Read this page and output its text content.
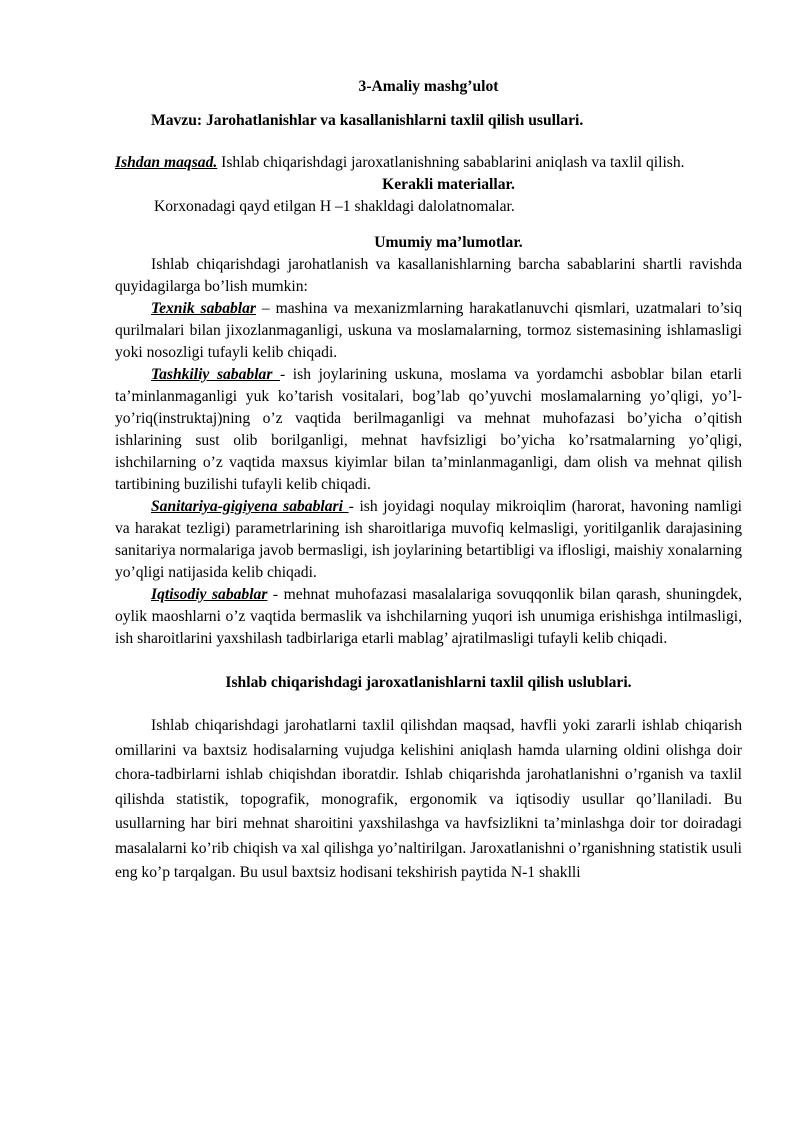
3-Amaliy mashg’ulot

Mavzu: Jarohatlanishlar va kasallanishlarni taxlil qilish usullari.

Ishdan maqsad. Ishlab chiqarishdagi jaroxatlanishning sabablarini aniqlash va taxlil qilish.

Kerakli materiallar.

Korxonadagi qayd etilgan H –1 shakldagi dalolatnomalar.

Umumiy ma’lumotlar.

Ishlab chiqarishdagi jarohatlanish va kasallanishlarning barcha sabablarini shartli ravishda quyidagilarga bo’lish mumkin:

Texnik sabablar – mashina va mexanizmlarning harakatlanuvchi qismlari, uzatmalari to’siq qurilmalari bilan jixozlanmaganligi, uskuna va moslamalarning, tormoz sistemasining ishlamasligi yoki nosozligi tufayli kelib chiqadi.

Tashkiliy sabablar - ish joylarining uskuna, moslama va yordamchi asboblar bilan etarli ta’minlanmaganligi yuk ko’tarish vositalari, bog’lab qo’yuvchi moslamalarning yo’qligi, yo’l-yo’riq(instruktaj)ning o’z vaqtida berilmaganligi va mehnat muhofazasi bo’yicha o’qitish ishlarining sust olib borilganligi, mehnat havfsizligi bo’yicha ko’rsatmalarning yo’qligi, ishchilarning o’z vaqtida maxsus kiyimlar bilan ta’minlanmaganligi, dam olish va mehnat qilish tartibining buzilishi tufayli kelib chiqadi.

Sanitariya-gigiyena sabablari - ish joyidagi noqulay mikroiqlim (harorat, havoning namligi va harakat tezligi) parametrlarining ish sharoitlariga muvofiq kelmasligi, yoritilganlik darajasining sanitariya normalariga javob bermasligi, ish joylarining betartibligi va iflosligi, maishiy xonalarning yo’qligi natijasida kelib chiqadi.

Iqtisodiy sabablar - mehnat muhofazasi masalalariga sovuqqonlik bilan qarash, shuningdek, oylik maoshlarni o’z vaqtida bermaslik va ishchilarning yuqori ish unumiga erishishga intilmasligi, ish sharoitlarini yaxshilash tadbirlariga etarli mablag’ ajratilmasligi tufayli kelib chiqadi.

Ishlab chiqarishdagi jaroxatlanishlarni taxlil qilish uslublari.

Ishlab chiqarishdagi jarohatlarni taxlil qilishdan maqsad, havfli yoki zararli ishlab chiqarish omillarini va baxtsiz hodisalarning vujudga kelishini aniqlash hamda ularning oldini olishga doir chora-tadbirlarni ishlab chiqishdan iboratdir. Ishlab chiqarishda jarohatlanishni o’rganish va taxlil qilishda statistik, topografik, monografik, ergonomik va iqtisodiy usullar qo’llaniladi. Bu usullarning har biri mehnat sharoitini yaxshilashga va havfsizlikni ta’minlashga doir tor doiradagi masalalarni ko’rib chiqish va xal qilishga yo’naltirilgan. Jaroxatlanishni o’rganishning statistik usuli eng ko’p tarqalgan. Bu usul baxtsiz hodisani tekshirish paytida N-1 shaklli
